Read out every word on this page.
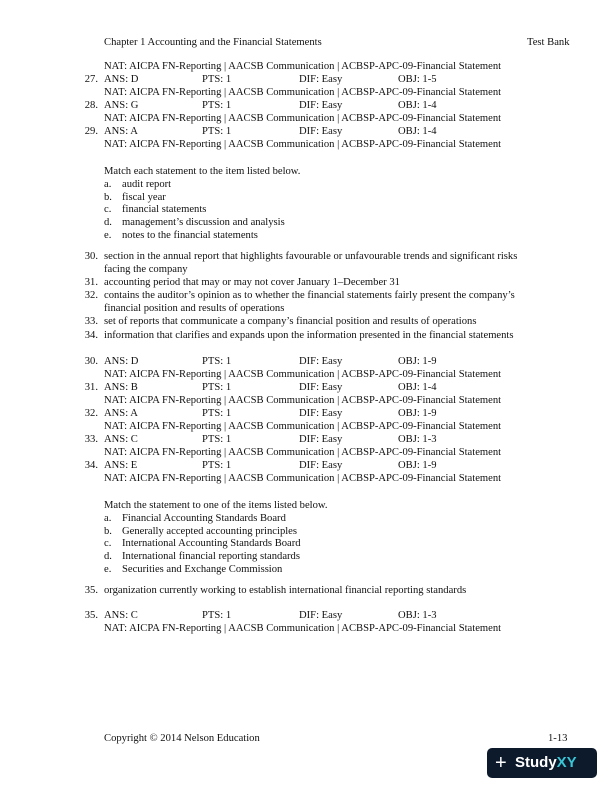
Chapter 1 Accounting and the Financial Statements	Test Bank
NAT: AICPA FN-Reporting | AACSB Communication | ACBSP-APC-09-Financial Statement
27. ANS: D	PTS: 1	DIF: Easy	OBJ: 1-5
NAT: AICPA FN-Reporting | AACSB Communication | ACBSP-APC-09-Financial Statement
28. ANS: G	PTS: 1	DIF: Easy	OBJ: 1-4
NAT: AICPA FN-Reporting | AACSB Communication | ACBSP-APC-09-Financial Statement
29. ANS: A	PTS: 1	DIF: Easy	OBJ: 1-4
NAT: AICPA FN-Reporting | AACSB Communication | ACBSP-APC-09-Financial Statement
Match each statement to the item listed below.
a. audit report
b. fiscal year
c. financial statements
d. management’s discussion and analysis
e. notes to the financial statements
30. section in the annual report that highlights favourable or unfavourable trends and significant risks facing the company
31. accounting period that may or may not cover January 1–December 31
32. contains the auditor’s opinion as to whether the financial statements fairly present the company’s financial position and results of operations
33. set of reports that communicate a company’s financial position and results of operations
34. information that clarifies and expands upon the information presented in the financial statements
30. ANS: D	PTS: 1	DIF: Easy	OBJ: 1-9
NAT: AICPA FN-Reporting | AACSB Communication | ACBSP-APC-09-Financial Statement
31. ANS: B	PTS: 1	DIF: Easy	OBJ: 1-4
NAT: AICPA FN-Reporting | AACSB Communication | ACBSP-APC-09-Financial Statement
32. ANS: A	PTS: 1	DIF: Easy	OBJ: 1-9
NAT: AICPA FN-Reporting | AACSB Communication | ACBSP-APC-09-Financial Statement
33. ANS: C	PTS: 1	DIF: Easy	OBJ: 1-3
NAT: AICPA FN-Reporting | AACSB Communication | ACBSP-APC-09-Financial Statement
34. ANS: E	PTS: 1	DIF: Easy	OBJ: 1-9
NAT: AICPA FN-Reporting | AACSB Communication | ACBSP-APC-09-Financial Statement
Match the statement to one of the items listed below.
a. Financial Accounting Standards Board
b. Generally accepted accounting principles
c. International Accounting Standards Board
d. International financial reporting standards
e. Securities and Exchange Commission
35. organization currently working to establish international financial reporting standards
35. ANS: C	PTS: 1	DIF: Easy	OBJ: 1-3
NAT: AICPA FN-Reporting | AACSB Communication | ACBSP-APC-09-Financial Statement
Copyright © 2014 Nelson Education	1-13
+ StudyXY
